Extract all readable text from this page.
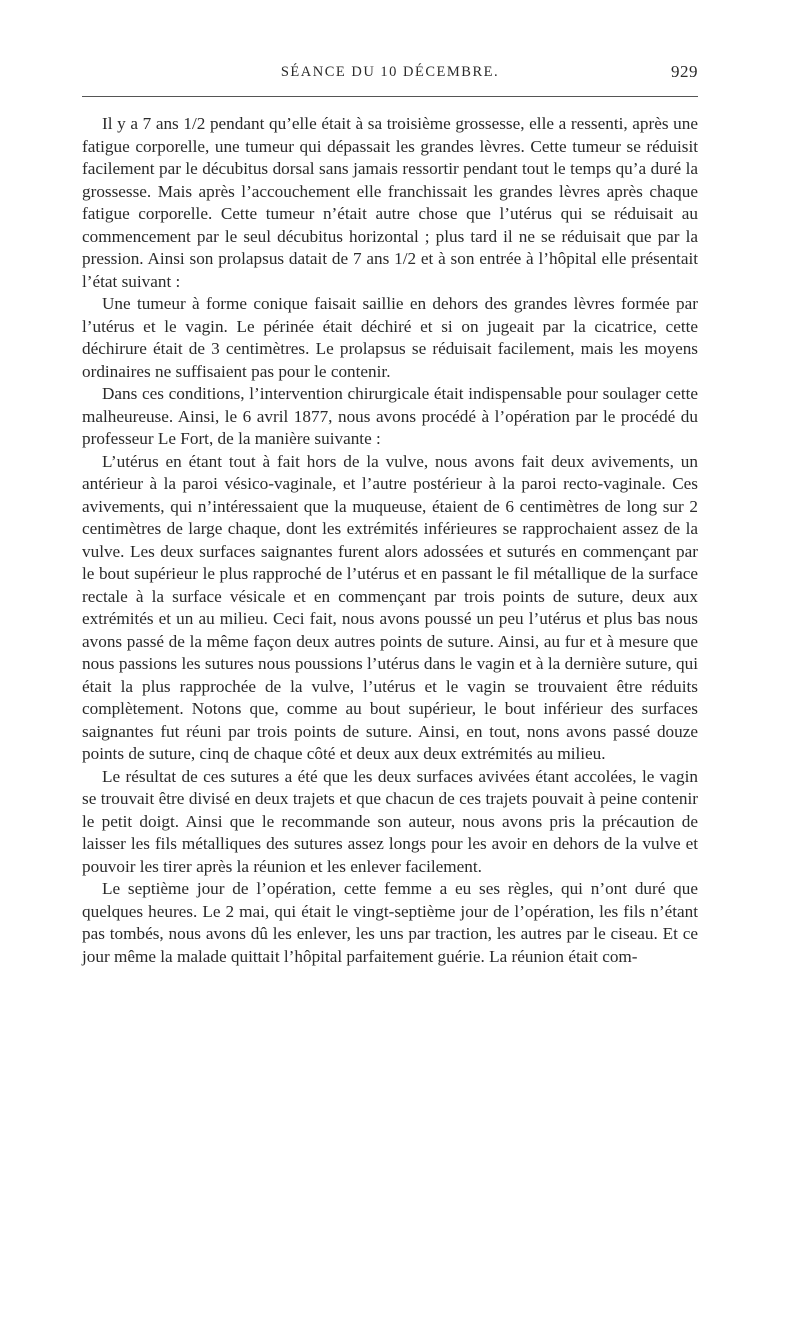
SÉANCE DU 10 DÉCEMBRE.	929

Il y a 7 ans 1/2 pendant qu’elle était à sa troisième grossesse, elle a ressenti, après une fatigue corporelle, une tumeur qui dépassait les grandes lèvres. Cette tumeur se réduisit facilement par le décubitus dorsal sans jamais ressortir pendant tout le temps qu’a duré la grossesse. Mais après l’accouchement elle franchissait les grandes lèvres après chaque fatigue corporelle. Cette tumeur n’était autre chose que l’utérus qui se réduisait au commencement par le seul décubitus horizontal ; plus tard il ne se réduisait que par la pression. Ainsi son prolapsus datait de 7 ans 1/2 et à son entrée à l’hôpital elle présentait l’état suivant :

Une tumeur à forme conique faisait saillie en dehors des grandes lèvres formée par l’utérus et le vagin. Le périnée était déchiré et si on jugeait par la cicatrice, cette déchirure était de 3 centimètres. Le prolapsus se réduisait facilement, mais les moyens ordinaires ne suffisaient pas pour le contenir.

Dans ces conditions, l’intervention chirurgicale était indispensable pour soulager cette malheureuse. Ainsi, le 6 avril 1877, nous avons procédé à l’opération par le procédé du professeur Le Fort, de la manière suivante :

L’utérus en étant tout à fait hors de la vulve, nous avons fait deux avivements, un antérieur à la paroi vésico-vaginale, et l’autre postérieur à la paroi recto-vaginale. Ces avivements, qui n’intéressaient que la muqueuse, étaient de 6 centimètres de long sur 2 centimètres de large chaque, dont les extrémités inférieures se rapprochaient assez de la vulve. Les deux surfaces saignantes furent alors adossées et suturés en commençant par le bout supérieur le plus rapproché de l’utérus et en passant le fil métallique de la surface rectale à la surface vésicale et en commençant par trois points de suture, deux aux extrémités et un au milieu. Ceci fait, nous avons poussé un peu l’utérus et plus bas nous avons passé de la même façon deux autres points de suture. Ainsi, au fur et à mesure que nous passions les sutures nous poussions l’utérus dans le vagin et à la dernière suture, qui était la plus rapprochée de la vulve, l’utérus et le vagin se trouvaient être réduits complètement. Notons que, comme au bout supérieur, le bout inférieur des surfaces saignantes fut réuni par trois points de suture. Ainsi, en tout, nons avons passé douze points de suture, cinq de chaque côté et deux aux deux extrémités au milieu.

Le résultat de ces sutures a été que les deux surfaces avivées étant accolées, le vagin se trouvait être divisé en deux trajets et que chacun de ces trajets pouvait à peine contenir le petit doigt. Ainsi que le recommande son auteur, nous avons pris la précaution de laisser les fils métalliques des sutures assez longs pour les avoir en dehors de la vulve et pouvoir les tirer après la réunion et les enlever facilement.

Le septième jour de l’opération, cette femme a eu ses règles, qui n’ont duré que quelques heures. Le 2 mai, qui était le vingt-septième jour de l’opération, les fils n’étant pas tombés, nous avons dû les enlever, les uns par traction, les autres par le ciseau. Et ce jour même la malade quittait l’hôpital parfaitement guérie. La réunion était com-
